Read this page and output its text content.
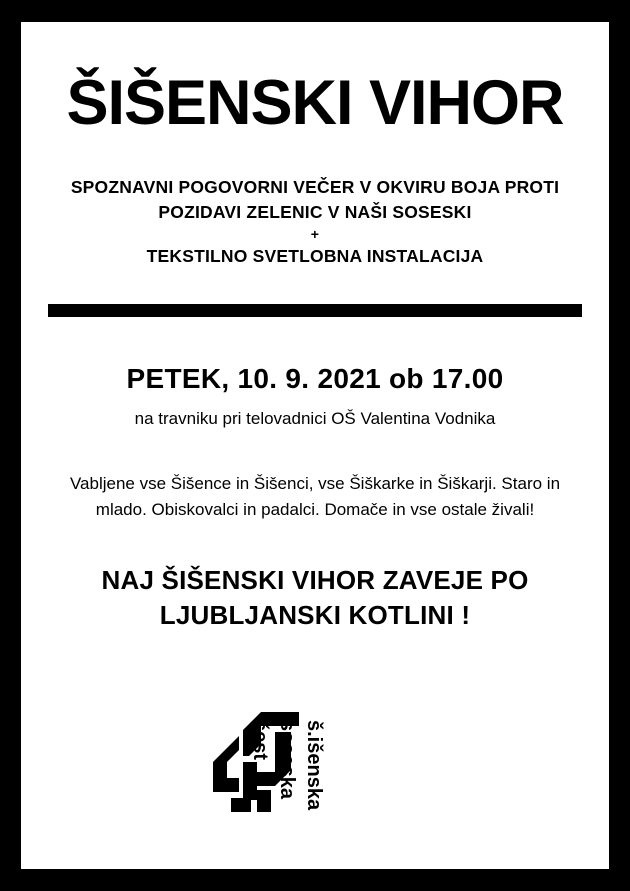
ŠIŠENSKI VIHOR
SPOZNAVNI POGOVORNI VEČER V OKVIRU BOJA PROTI
POZIDAVI ZELENIC V NAŠI SOSESKI
+
TEKSTILNO SVETLOBNA INSTALACIJA
PETEK, 10. 9. 2021 ob 17.00
na travniku pri telovadnici OŠ Valentina Vodnika
Vabljene vse Šišence in Šišenci, vse Šiškarke in Šiškarji. Staro in
mlado. Obiskovalci in padalci. Domače in vse ostale živali!
NAJ ŠIŠENSKI VIHOR ZAVEJE PO
LJUBLJANSKI KOTLINI !
š.išenska
soseska
šest
